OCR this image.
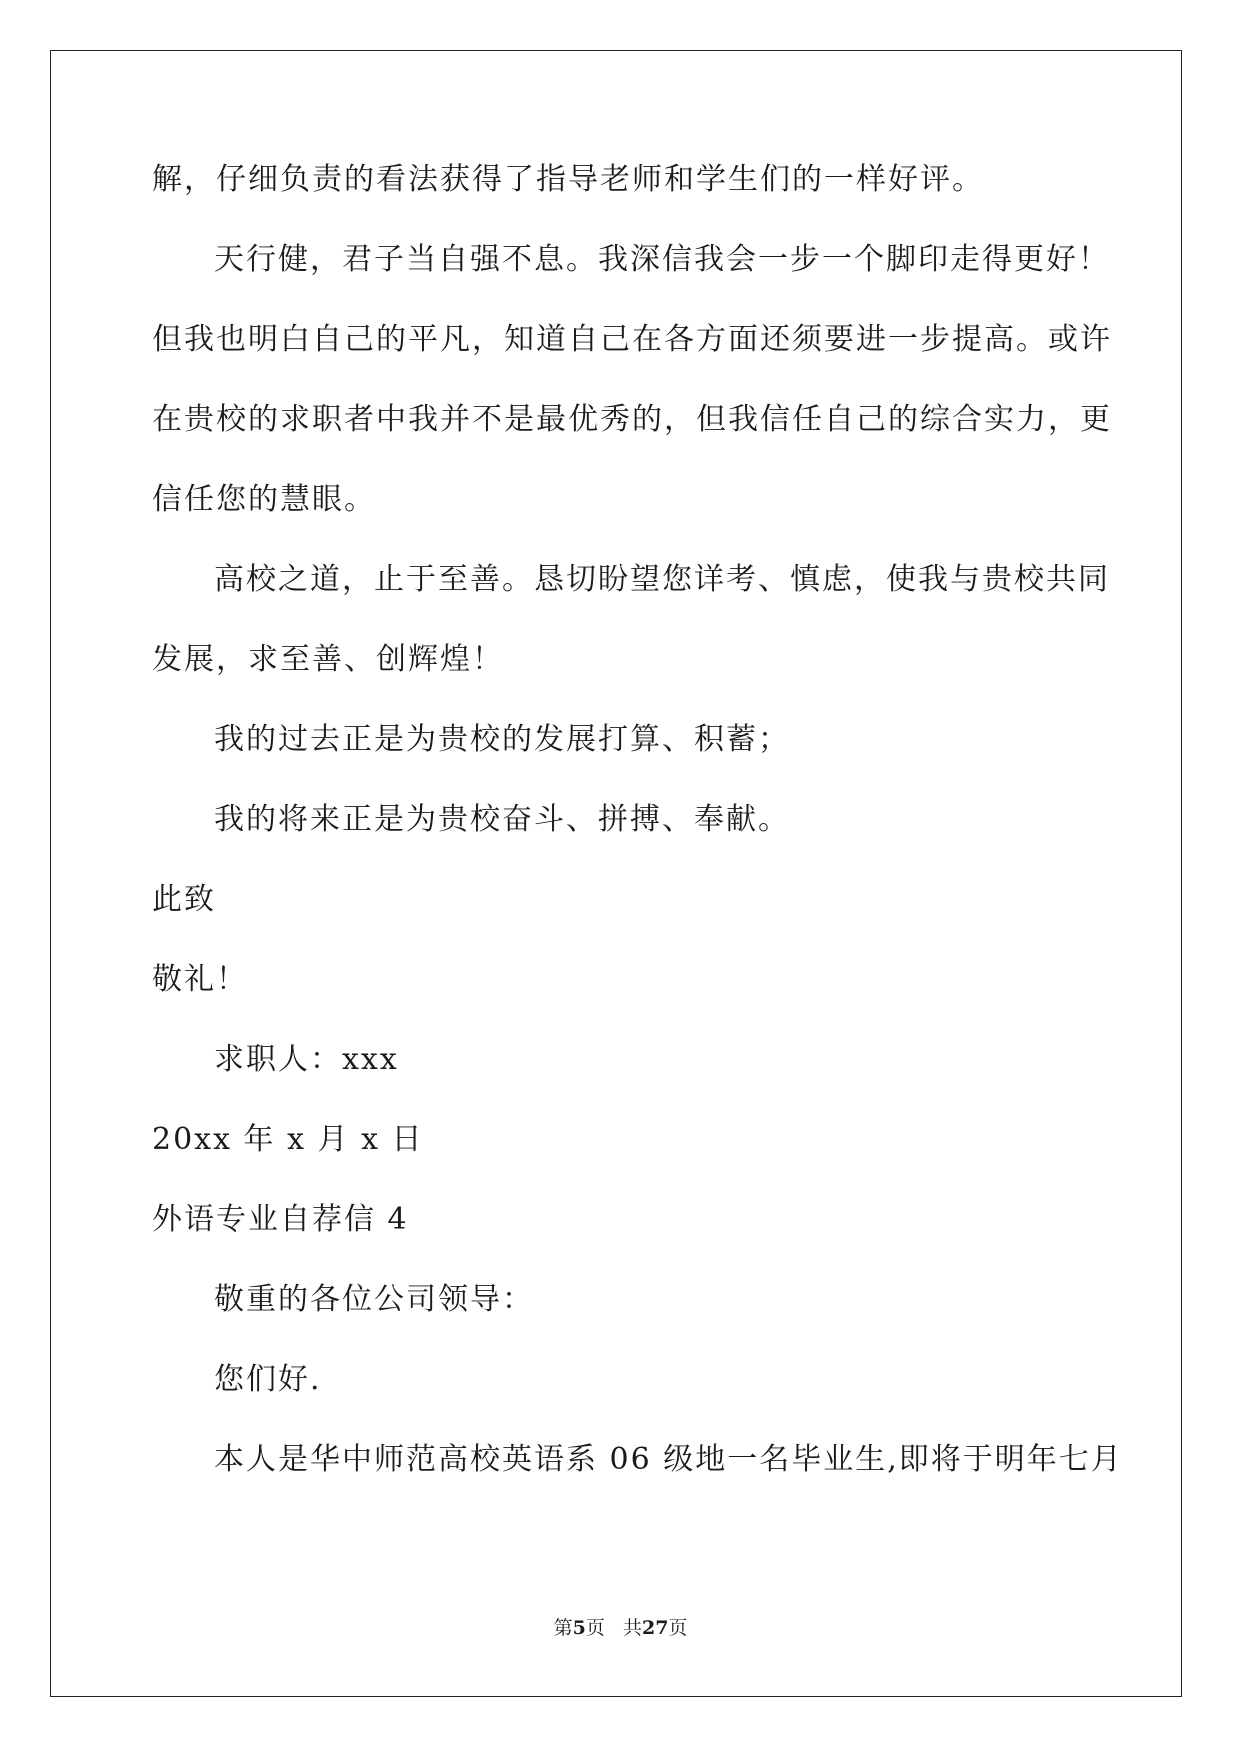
解，仔细负责的看法获得了指导老师和学生们的一样好评。
天行健，君子当自强不息。我深信我会一步一个脚印走得更好！
但我也明白自己的平凡，知道自己在各方面还须要进一步提高。或许
在贵校的求职者中我并不是最优秀的，但我信任自己的综合实力，更
信任您的慧眼。
高校之道，止于至善。恳切盼望您详考、慎虑，使我与贵校共同
发展，求至善、创辉煌！
我的过去正是为贵校的发展打算、积蓄；
我的将来正是为贵校奋斗、拼搏、奉献。
此致
敬礼！
求职人：xxx
20xx 年 x 月 x 日
外语专业自荐信 4
敬重的各位公司领导：
您们好.
本人是华中师范高校英语系 06 级地一名毕业生,即将于明年七月
第5页 共27页
